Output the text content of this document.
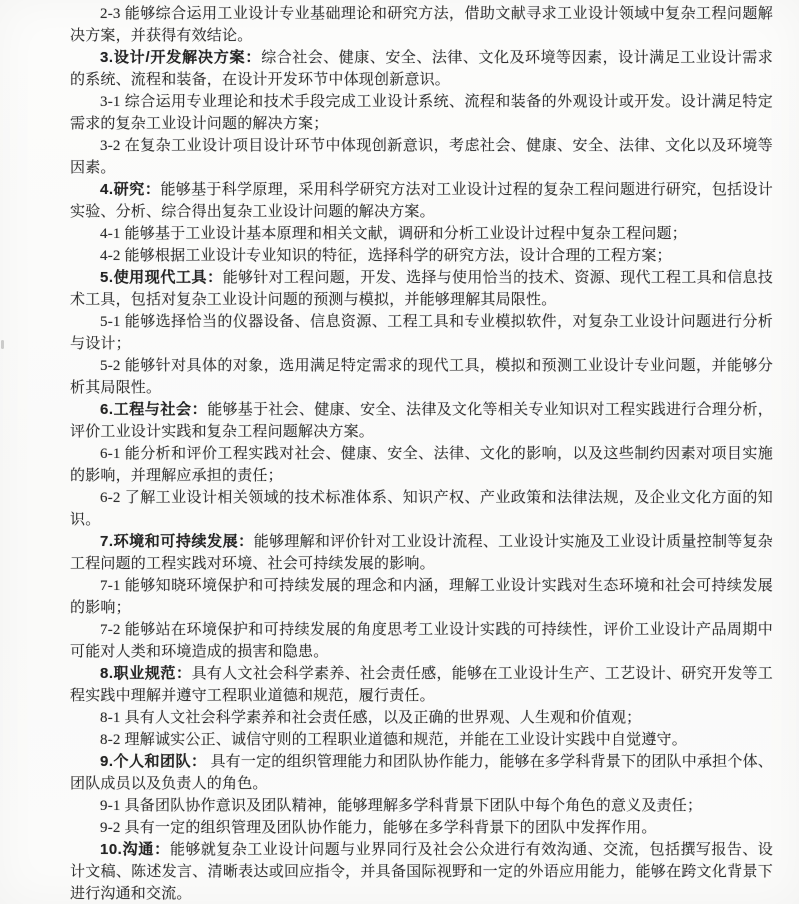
2-3 能够综合运用工业设计专业基础理论和研究方法，借助文献寻求工业设计领域中复杂工程问题解决方案，并获得有效结论。

3.设计/开发解决方案：综合社会、健康、安全、法律、文化及环境等因素，设计满足工业设计需求的系统、流程和装备，在设计开发环节中体现创新意识。

3-1 综合运用专业理论和技术手段完成工业设计系统、流程和装备的外观设计或开发。设计满足特定需求的复杂工业设计问题的解决方案；

3-2 在复杂工业设计项目设计环节中体现创新意识，考虑社会、健康、安全、法律、文化以及环境等因素。

4.研究：能够基于科学原理，采用科学研究方法对工业设计过程的复杂工程问题进行研究，包括设计实验、分析、综合得出复杂工业设计问题的解决方案。

4-1 能够基于工业设计基本原理和相关文献，调研和分析工业设计过程中复杂工程问题；

4-2 能够根据工业设计专业知识的特征，选择科学的研究方法，设计合理的工程方案；

5.使用现代工具：能够针对工程问题，开发、选择与使用恰当的技术、资源、现代工程工具和信息技术工具，包括对复杂工业设计问题的预测与模拟，并能够理解其局限性。

5-1 能够选择恰当的仪器设备、信息资源、工程工具和专业模拟软件，对复杂工业设计问题进行分析与设计；

5-2 能够针对具体的对象，选用满足特定需求的现代工具，模拟和预测工业设计专业问题，并能够分析其局限性。

6.工程与社会：能够基于社会、健康、安全、法律及文化等相关专业知识对工程实践进行合理分析，评价工业设计实践和复杂工程问题解决方案。

6-1 能分析和评价工程实践对社会、健康、安全、法律、文化的影响，以及这些制约因素对项目实施的影响，并理解应承担的责任；

6-2 了解工业设计相关领域的技术标准体系、知识产权、产业政策和法律法规，及企业文化方面的知识。

7.环境和可持续发展：能够理解和评价针对工业设计流程、工业设计实施及工业设计质量控制等复杂工程问题的工程实践对环境、社会可持续发展的影响。

7-1 能够知晓环境保护和可持续发展的理念和内涵，理解工业设计实践对生态环境和社会可持续发展的影响；

7-2 能够站在环境保护和可持续发展的角度思考工业设计实践的可持续性，评价工业设计产品周期中可能对人类和环境造成的损害和隐患。

8.职业规范：具有人文社会科学素养、社会责任感，能够在工业设计生产、工艺设计、研究开发等工程实践中理解并遵守工程职业道德和规范，履行责任。

8-1 具有人文社会科学素养和社会责任感，以及正确的世界观、人生观和价值观；

8-2 理解诚实公正、诚信守则的工程职业道德和规范，并能在工业设计实践中自觉遵守。

9.个人和团队： 具有一定的组织管理能力和团队协作能力，能够在多学科背景下的团队中承担个体、团队成员以及负责人的角色。

9-1 具备团队协作意识及团队精神，能够理解多学科背景下团队中每个角色的意义及责任；

9-2 具有一定的组织管理及团队协作能力，能够在多学科背景下的团队中发挥作用。

10.沟通：能够就复杂工业设计问题与业界同行及社会公众进行有效沟通、交流，包括撰写报告、设计文稿、陈述发言、清晰表达或回应指令，并具备国际视野和一定的外语应用能力，能够在跨文化背景下进行沟通和交流。
